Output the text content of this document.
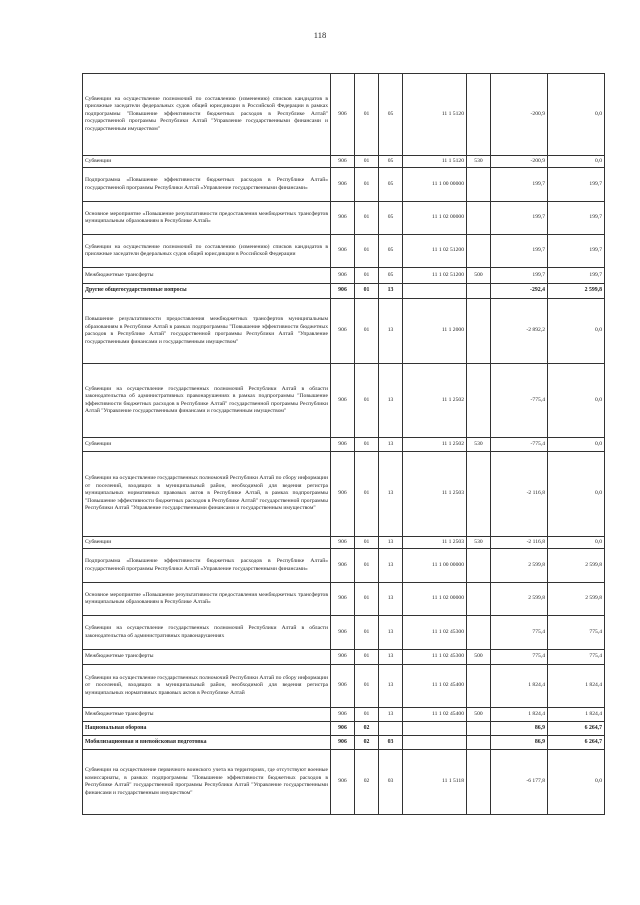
118
Субвенции на осуществление полномочий по составлению (изменению) списков кандидатов в присяжные заседатели федеральных судов общей юрисдикции в Российской Федерации в рамках подпрограммы "Повышение эффективности бюджетных расходов в Республике Алтай" государственной программы Республики Алтай "Управление государственными финансами и государственным имуществом"	906	01	05	11 1 5120		-200,9	0,0
Субвенции	906	01	05	11 1 5120	530	-200,9	0,0
Подпрограмма «Повышение эффективности бюджетных расходов в Республике Алтай» государственной программы Республики Алтай «Управление государственными финансами»	906	01	05	11 1 00 00000		199,7	199,7
Основное мероприятие «Повышение результативности предоставления межбюджетных трансфертов муниципальным образованиям в Республике Алтай»	906	01	05	11 1 02 00000		199,7	199,7
Субвенции на осуществление полномочий по составлению (изменению) списков кандидатов в присяжные заседатели федеральных судов общей юрисдикции в Российской Федерации	906	01	05	11 1 02 51200		199,7	199,7
Межбюджетные трансферты	906	01	05	11 1 02 51200	500	199,7	199,7
Другие общегосударственные вопросы	906	01	13			-292,4	2 599,8
Повышение результативности предоставления межбюджетных трансфертов муниципальным образованиям в Республике Алтай в рамках подпрограммы "Повышение эффективности бюджетных расходов в Республике Алтай" государственной программы Республики Алтай "Управление государственными финансами и государственным имуществом"	906	01	13	11 1 2000		-2 892,2	0,0
Субвенции на осуществление государственных полномочий Республики Алтай в области законодательства об административных правонарушениях в рамках подпрограммы "Повышение эффективности бюджетных расходов в Республике Алтай" государственной программы Республики Алтай "Управление государственными финансами и государственным имуществом"	906	01	13	11 1 2502		-775,4	0,0
Субвенции	906	01	13	11 1 2502	530	-775,4	0,0
Субвенции на осуществление государственных полномочий Республики Алтай по сбору информации от поселений, входящих в муниципальный район, необходимой для ведения регистра муниципальных нормативных правовых актов в Республике Алтай, в рамках подпрограммы "Повышение эффективности бюджетных расходов в Республике Алтай" государственной программы Республики Алтай "Управление государственными финансами и государственным имуществом"	906	01	13	11 1 2503		-2 116,8	0,0
Субвенции	906	01	13	11 1 2503	530	-2 116,8	0,0
Подпрограмма «Повышение эффективности бюджетных расходов в Республике Алтай» государственной программы Республики Алтай «Управление государственными финансами»	906	01	13	11 1 00 00000		2 599,8	2 599,8
Основное мероприятие «Повышение результативности предоставления межбюджетных трансфертов муниципальным образованиям в Республике Алтай»	906	01	13	11 1 02 00000		2 599,8	2 599,8
Субвенции на осуществление государственных полномочий Республики Алтай в области законодательства об административных правонарушениях	906	01	13	11 1 02 45300		775,4	775,4
Межбюджетные трансферты	906	01	13	11 1 02 45300	500	775,4	775,4
Субвенции на осуществление государственных полномочий Республики Алтай по сбору информации от поселений, входящих в муниципальный район, необходимой для ведения регистра муниципальных нормативных правовых актов в Республике Алтай	906	01	13	11 1 02 45400		1 824,4	1 824,4
Межбюджетные трансферты	906	01	13	11 1 02 45400	500	1 824,4	1 824,4
Национальная оборона	906	02				86,9	6 264,7
Мобилизационная и вневойсковая подготовка	906	02	03			86,9	6 264,7
Субвенции на осуществление первичного воинского учета на территориях, где отсутствуют военные комиссариаты, в рамках подпрограммы "Повышение эффективности бюджетных расходов в Республике Алтай" государственной программы Республики Алтай "Управление государственными финансами и государственным имуществом"	906	02	03	11 1 5118		-6 177,8	0,0
